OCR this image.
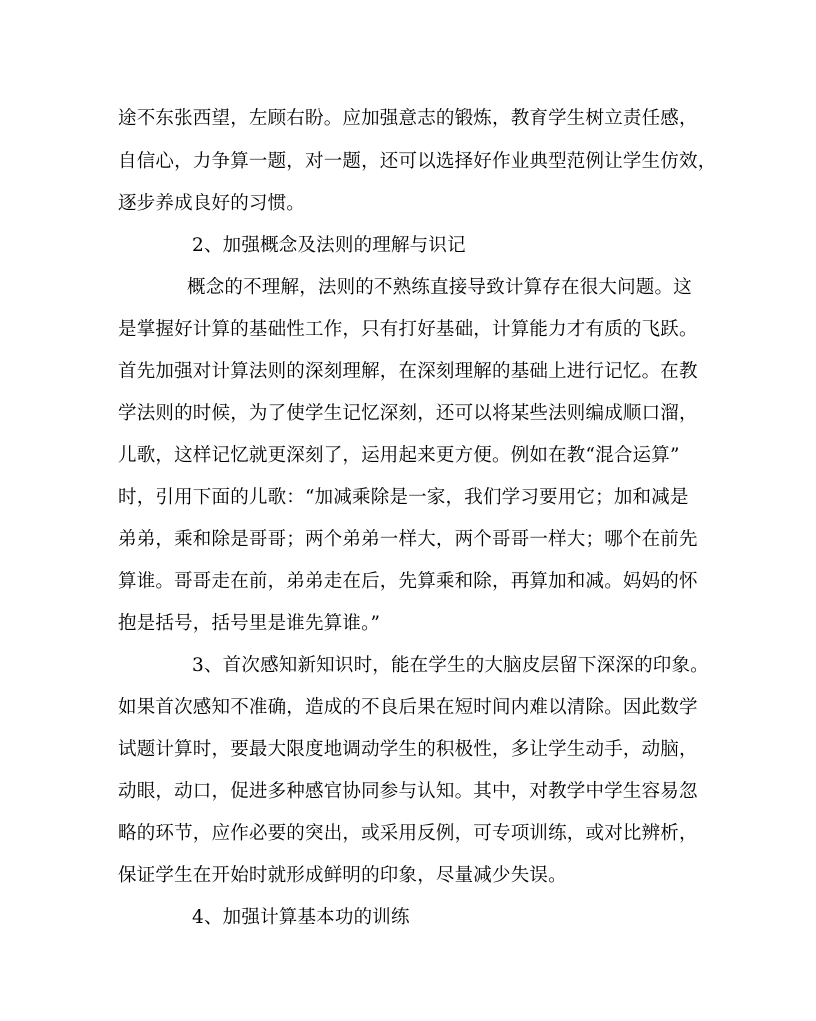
途不东张西望，左顾右盼。应加强意志的锻炼，教育学生树立责任感，
自信心，力争算一题，对一题，还可以选择好作业典型范例让学生仿效，
逐步养成良好的习惯。
2、加强概念及法则的理解与识记
概念的不理解，法则的不熟练直接导致计算存在很大问题。这
是掌握好计算的基础性工作，只有打好基础，计算能力才有质的飞跃。
首先加强对计算法则的深刻理解，在深刻理解的基础上进行记忆。在教
学法则的时候，为了使学生记忆深刻，还可以将某些法则编成顺口溜，
儿歌，这样记忆就更深刻了，运用起来更方便。例如在教“混合运算”
时，引用下面的儿歌：“加减乘除是一家，我们学习要用它；加和减是
弟弟，乘和除是哥哥；两个弟弟一样大，两个哥哥一样大；哪个在前先
算谁。哥哥走在前，弟弟走在后，先算乘和除，再算加和减。妈妈的怀
抱是括号，括号里是谁先算谁。”
3、首次感知新知识时，能在学生的大脑皮层留下深深的印象。
如果首次感知不准确，造成的不良后果在短时间内难以清除。因此数学
试题计算时，要最大限度地调动学生的积极性，多让学生动手，动脑，
动眼，动口，促进多种感官协同参与认知。其中，对教学中学生容易忽
略的环节，应作必要的突出，或采用反例，可专项训练，或对比辨析，
保证学生在开始时就形成鲜明的印象，尽量减少失误。
4、加强计算基本功的训练
